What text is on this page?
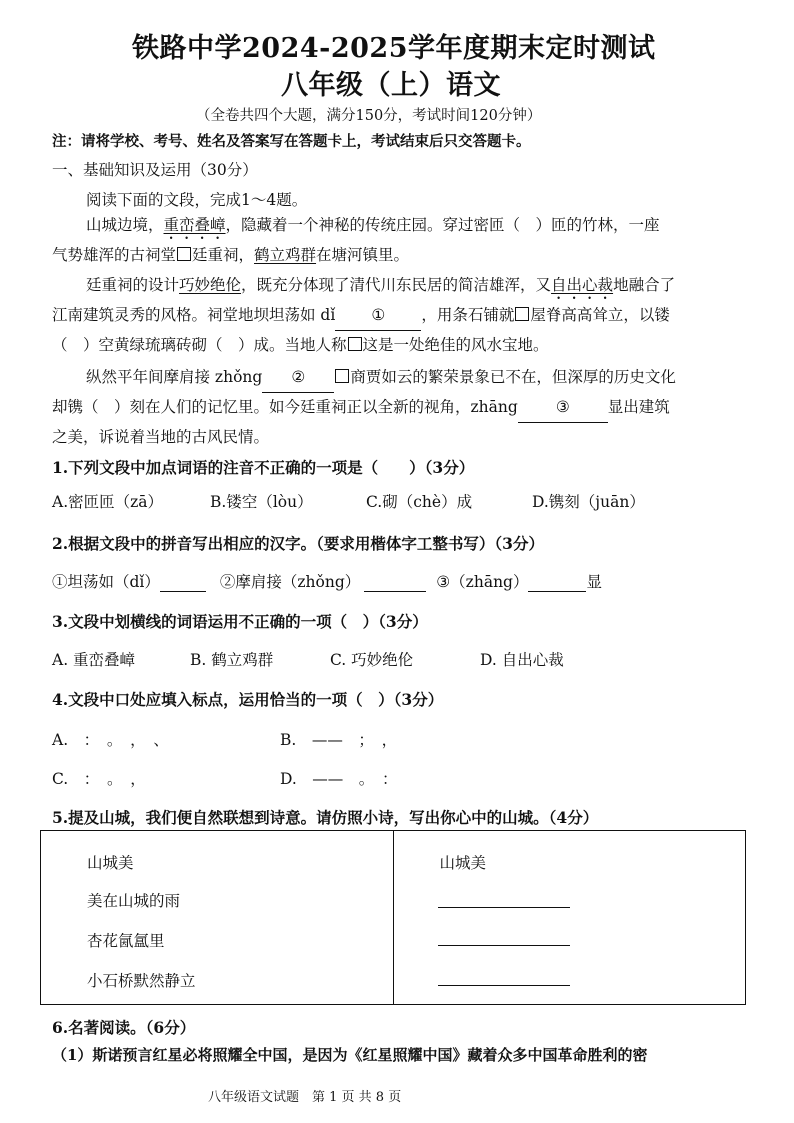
铁路中学2024-2025学年度期末定时测试
八年级（上）语文
（全卷共四个大题，满分150分，考试时间120分钟）
注：请将学校、考号、姓名及答案写在答题卡上，考试结束后只交答题卡。
一、基础知识及运用（30分）
阅读下面的文段，完成1～4题。
山城边境，重峦叠嶂，隐藏着一个神秘的传统庄园。穿过密匝（　）匝的竹林，一座
气势雄浑的古祠堂 廷重祠，鹤立鸡群在塘河镇里。
廷重祠的设计巧妙绝伦，既充分体现了清代川东民居的简洁雄浑，又自出心裁地融合了
江南建筑灵秀的风格。祠堂地坝坦荡如 dǐ ① ，用条石铺就 屋脊高高耸立，以镂
（　）空黄绿琉璃砖砌（　）成。当地人称 这是一处绝佳的风水宝地。
纵然平年间摩肩接 zhǒng ②	商贾如云的繁荣景象已不在，但深厚的历史文化
却镌（　）刻在人们的记忆里。如今廷重祠正以全新的视角，zhāng ③ 显出建筑
之美，诉说着当地的古风民情。
1.下列文段中加点词语的注音不正确的一项是（　　）（3分）
A.密匝匝（zā）	B.镂空（lòu）	C.砌（chè）成	D.镌刻（juān）
2.根据文段中的拼音写出相应的汉字。（要求用楷体字工整书写）（3分）
①坦荡如（dǐ）	②摩肩接（zhǒng）	③（zhāng）	显
3.文段中划横线的词语运用不正确的一项（　）（3分）
A. 重峦叠嶂	B. 鹤立鸡群	C. 巧妙绝伦	D. 自出心裁
4.文段中口处应填入标点，运用恰当的一项（　）（3分）
A.　：　。　，　、	B.　——　；　，
C.　：　。　，	D.　——　。　：
5.提及山城，我们便自然联想到诗意。请仿照小诗，写出你心中的山城。（4分）
山城美
美在山城的雨
杏花氤氲里
小石桥默然静立

山城美
6.名著阅读。（6分）
（1）斯诺预言红星必将照耀全中国，是因为《红星照耀中国》藏着众多中国革命胜利的密
八年级语文试题　第 1 页 共 8 页
